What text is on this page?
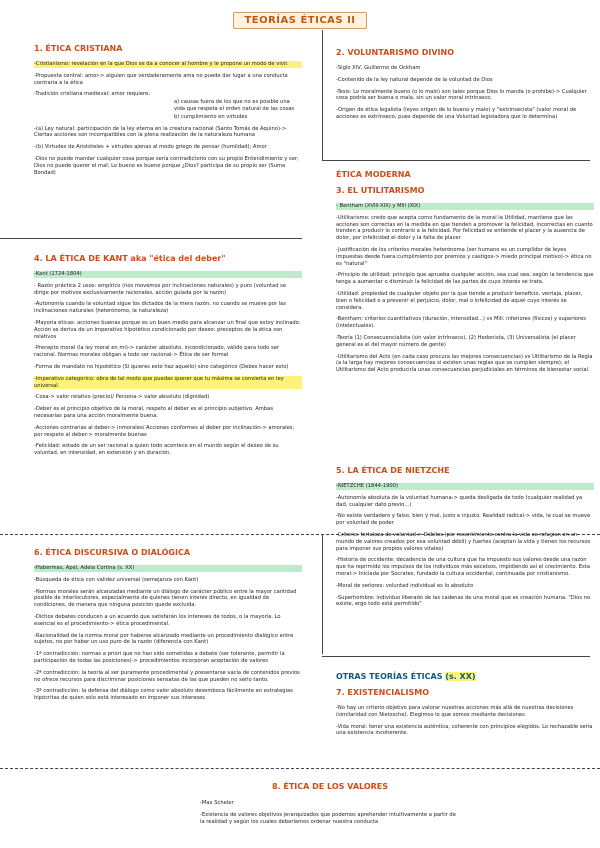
TEORÍAS ÉTICAS II
1. ÉTICA CRISTIANA

-Cristianismo: revelación en la que Dios se da a conocer al hombre y le propone un modo de vivir.

-Propuesta central: amor-> alguien que verdaderamente ama no puede dar lugar a una conducta contraria a la ética

-Tradición cristiana medieval: amor requiere:

a) causas fuera de los que no es posible una vida que respeta el orden natural de las cosas

b) cumplimiento en virtudes

-(a) Ley natural: participación de la ley eterna en la creatura racional (Santo Tomás de Aquino)-> Ciertas acciones son incompatibles con la plena realización de la naturaleza humana

-(b) Virtudes de Aristóteles + virtudes ajenas al modo griego de pensar (humildad); Amor

-Dios no puede mandar cualquier cosa porque sería contradictorio con su propio Entendimiento y ser; Dios no puede querer el mal; Lo bueno es bueno porque ¿Dios? participa de su propio ser (Suma Bondad)

2. VOLUNTARISMO DIVINO

-Siglo XIV, Guillermo de Ockham

-Contenido de la ley natural depende de la voluntad de Dios

-Tesis: Lo moralmente bueno (o lo malo) son tales porque Dios lo manda (o prohíbe)-> Cualquier cosa podría ser buena o mala, sin un valor moral intrínseco.

-Origen de ética legalista (leyes origen de lo bueno y malo) y "extrinsecista" (valor moral de acciones es extrínseco, pues depende de una Voluntad legisladora que lo determina)

ÉTICA MODERNA
3. EL UTILITARISMO

- Bentham (XVIII-XIX) y Mill (XIX)

-Utilitarismo: credo que acepta como fundamento de la moral la Utilidad, mantiene que las acciones son correctas en la medida en que tienden a promover la felicidad, incorrectas en cuanto tienden a producir lo contrario a la felicidad. Por felicidad se entiende el placer y la ausencia de dolor, por infelicidad el dolor y la falta de placer

-Justificación de los criterios morales heterónoma (ser humano es un cumplidor de leyes impuestas desde fuera:cumplimiento por premios y castigos-> miedo principal motivo)-> ética no es "natural"

-Principio de utilidad: principio que aprueba cualquier acción, sea cual sea, según la tendencia que tenga a aumentar o disminuir la felicidad de las partes de cuyo interés se trata.

-Utilidad: propiedad de cualquier objeto por la que tiende a producir beneficio, ventaja, placer, bien o felicidad o a prevenir el perjuicio, dolor, mal o infelicidad de aquel cuyo interés se considera.

-Bentham: criterios cuantitativos (duración, intensidad...) vs Mill: inferiores (físicos) y superiores (intelectuales).

-Teoría (1) Consecuencialista (sin valor intrínseco), (2) Hedonista, (3) Universalista (el placer general es el del mayor número de gente)

-Utilitarismo del Acto (en cada caso procura las mejores consecuencias) vs Utilitarismo de la Regla (a la larga hay mejores consecuencias si existen unas reglas que se cumplen siempre); el Utilitarismo del Acto produciría unas consecuencias perjudiciales en términos de bienestar social.

4. LA ÉTICA DE KANT aka "ética del deber"

-Kant (1724-1804)

- Razón práctica 2 usos: empírico (nos movemos por inclinaciones naturales) y puro (voluntad se dirige por motivos exclusivamente racionales, acción guiada por la razón)

-Autonomía cuando la voluntad sigue los dictados de la mera razón, no cuando se mueve por las inclinaciones naturales (heterónomo, la naturaleza)

-Mayoría éticas: acciones buenas porque es un buen medio para alcanzar un final que estoy inclinado. Acción se deriva de un imperativo hipotético condicionado por deseo: preceptos de la ética son relativos

-Precepto moral (la ley moral en mi)-> carácter absoluto, incondicionado, válido para todo ser racional. Normas morales obligan a todo ser racional-> Ética de ser formal

-Forma de mandato no hipotético (Si quieres esto haz aquello) sino categórico (Debes hacer esto)

-Imperativo categórico: obra de tal modo que puedas querer que tu máxima se convierta en ley universal.

-Cosa-> valor relativo (precio)/ Persona-> valor absoluto (dignidad)

-Deber es el principio objetivo de la moral, respeto al deber es el principio subjetivo. Ambas necesarias para una acción moralmente buena.

-Acciones contrarias al deber-> inmorales/ Acciones conformes al deber por inclinación-> amorales; por respeto al deber-> moralmente buenas

-Felicidad: estado de un ser racional a quien todo acontece en el mundo según el deseo de su voluntad, en intensidad, en extensión y en duración.

5. LA ÉTICA DE NIETZCHE

-NIETZCHE (1844-1900)

-Autonomía absoluta de la voluntad humana-> queda desligada de todo (cualquier realidad ya dad, cualquier dato previo...)

-No existe verdadero y falso, bien y mal, justo e injusto. Realidad radical-> vida, la cual se mueve por voluntad de poder

-Criterio: fortaleza de voluntad-> Débiles (por resentimiento contra la vida se refugian en un mundo de valores creados por esa voluntad débil) y fuertes (aceptan la vida y tienen los recursos para imponer sus propios valores vitales)

-Historia de occidente: decadencia de una cultura que ha impuesto sus valores desde una razón que ha reprimido los impulsos de los individuos más excelsos, impidiendo así el crecimiento. Esta moral-> Iniciada por Sócrates, fundado la cultura occidental, continuada por cristianismo.

-Moral de señores: voluntad individual es lo absoluto

-Superhombre: individuo liberado de las cadenas de una moral que es creación humana. "Dios no existe, ergo todo está permitido"

6. ÉTICA DISCURSIVA O DIALÓGICA

-Habermas, Apel, Adela Cortina (s. XX)

-Búsqueda de ética con validez universal (semejanza con Kant)

-Normas morales serán alcanzadas mediante un diálogo de carácter público entre la mayor cantidad posible de interlocutores, especialmente de quienes tienen interés directo, en igualdad de condiciones, de manera que ninguna posición quede excluida.

-Dichos debates conducen a un acuerdo que satisfarán los intereses de todos, o la mayoría. Lo esencial es el procedimiento-> ética procedimental.

-Racionalidad de la norma moral por haberse alcanzado mediante un procedimiento dialógico entre sujetos, no por haber un uso puro de la razón (diferencia con Kant)

-1ª contradicción: normas a priori que no han sido sometidas a debate (ser tolerante, permitir la participación de todas las posiciones)-> procedimientos incorporan aceptación de valores

-2ª contradicción: la teoría al ser puramente procedimental y presentarse vacía de contenidos previos no ofrece recursos para discriminar posiciones sensatas de las que pueden no serlo tanto.

-3ª contradicción: la defensa del diálogo como valor absoluto desemboca fácilmente en estrategias hipócritas de quien sólo está interesado en imponer sus intereses

OTRAS TEORÍAS ÉTICAS (s. XX)
7. EXISTENCIALISMO

-No hay un criterio objetivo para valorar nuestras acciones más allá de nuestras decisiones (similaridad con Nietzsche). Elegimos lo que somos mediante decisiones

-Vida moral: tener una existencia auténtica, coherente con principios elegidos. Lo rechazable sería una existencia incoherente.

8. ÉTICA DE LOS VALORES

-Max Scheler

-Existencia de valores objetivos jerarquizados que podemos aprehender intuitivamente a partir de la realidad y según los cuales deberíamos ordenar nuestra conducta
